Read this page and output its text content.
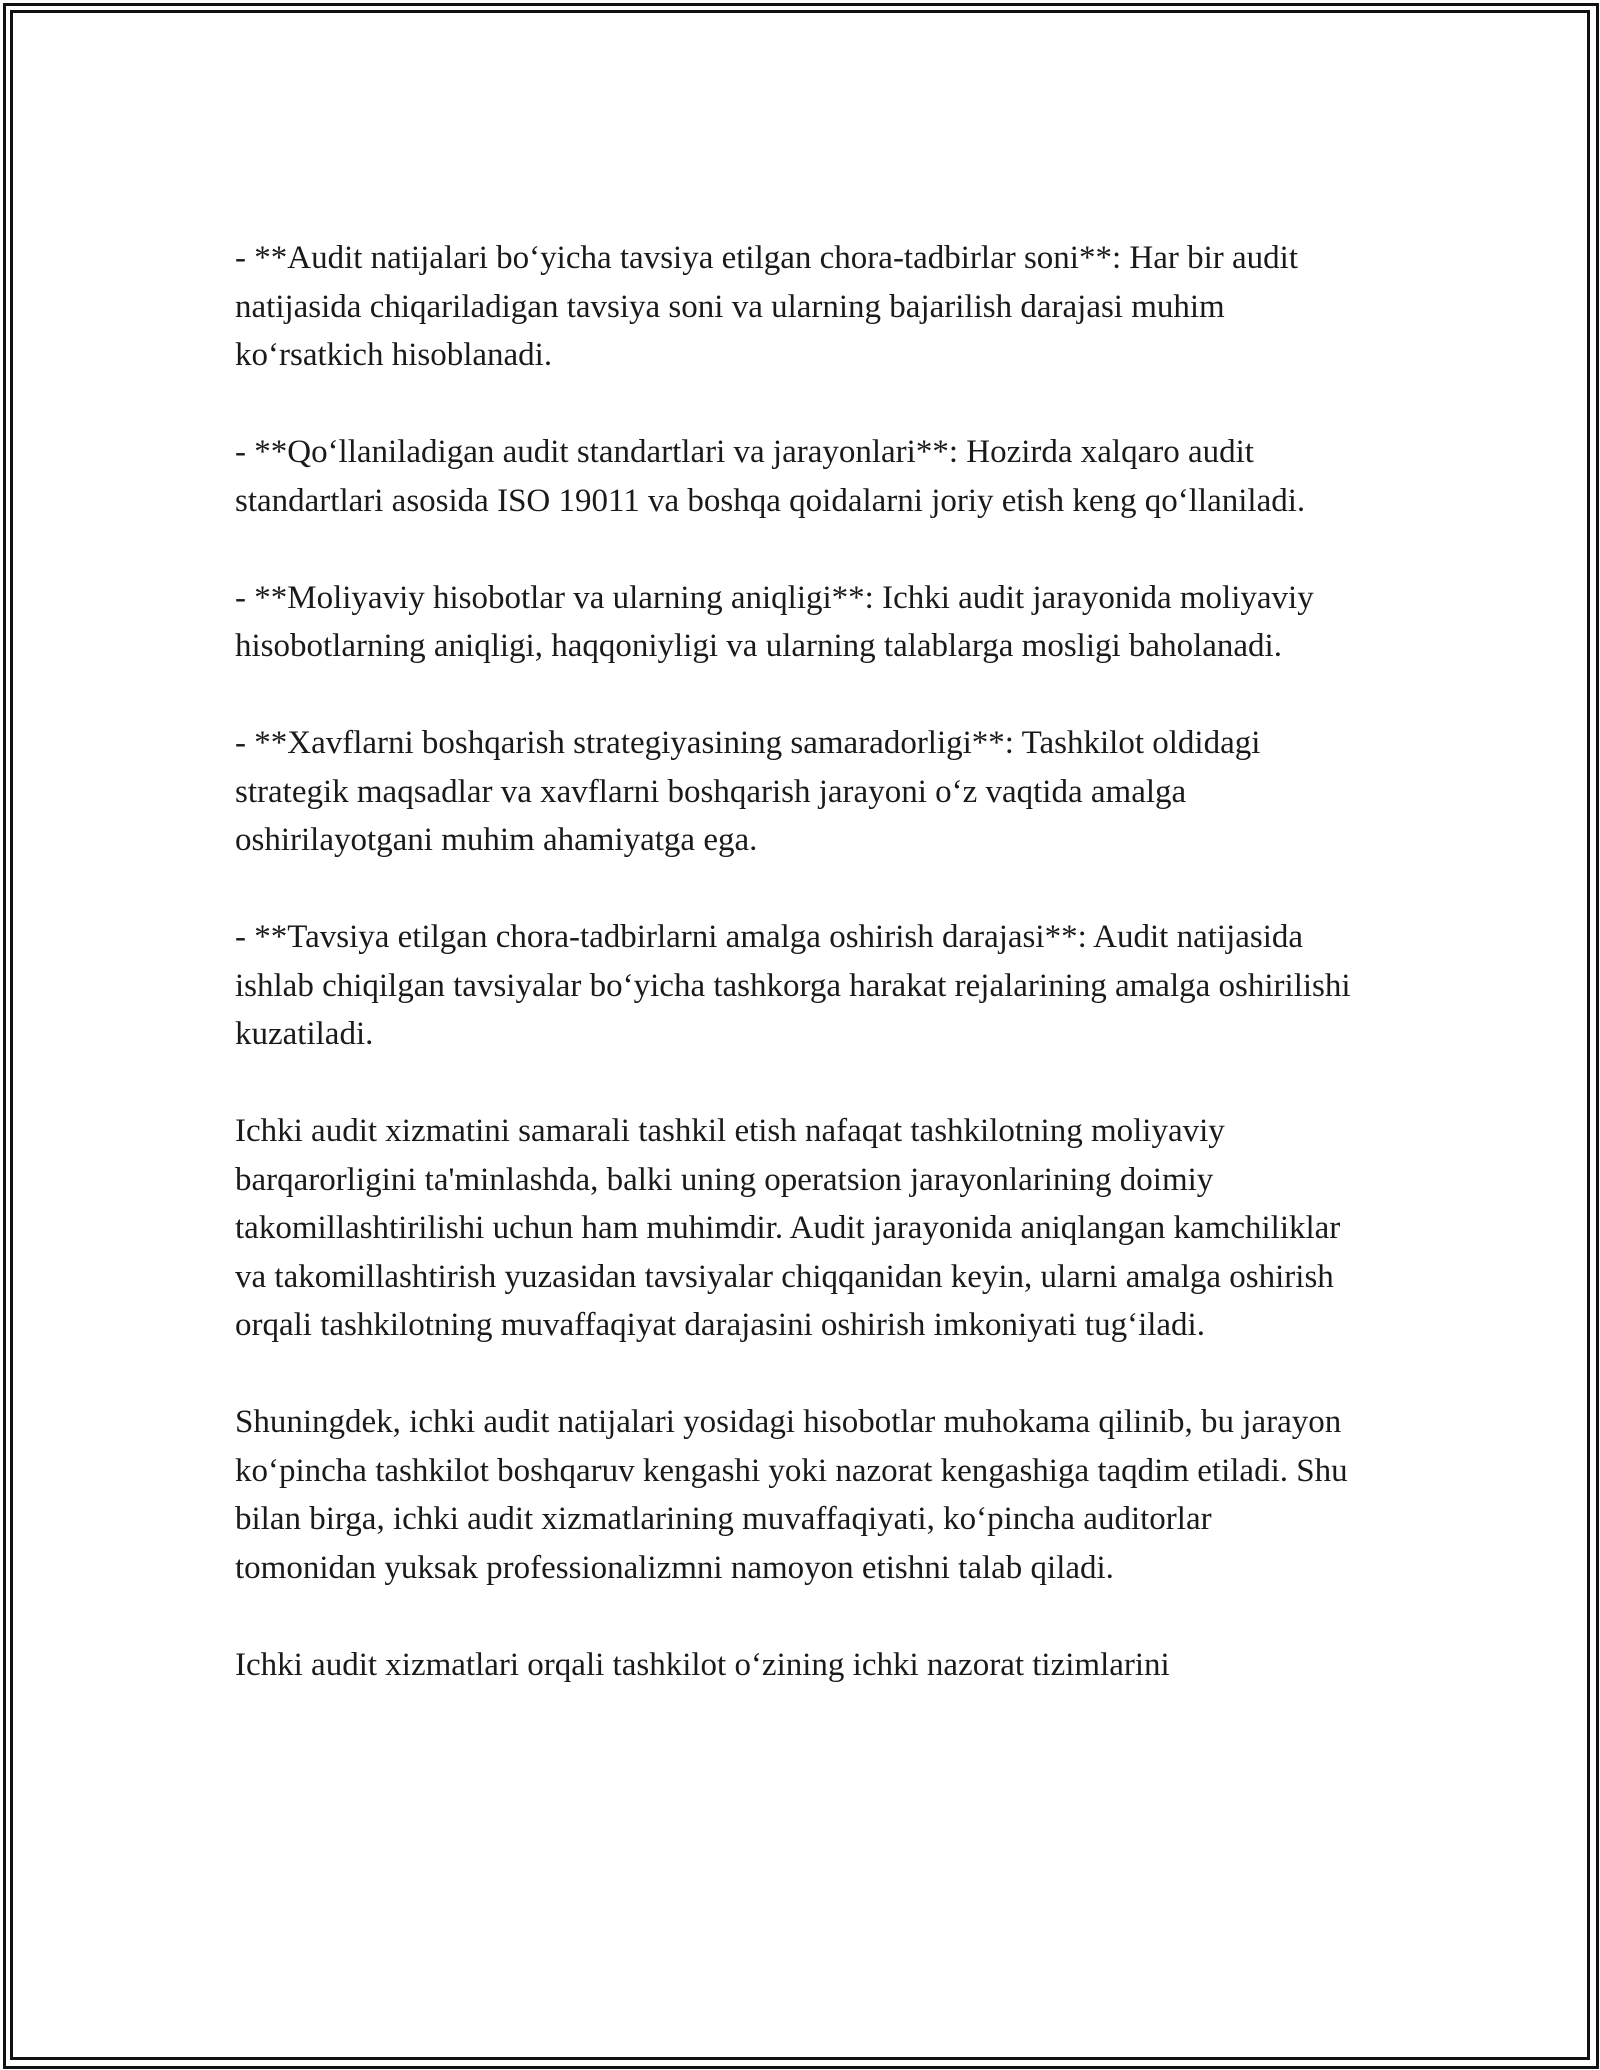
- **Audit natijalari bo‘yicha tavsiya etilgan chora-tadbirlar soni**: Har bir audit natijasida chiqariladigan tavsiya soni va ularning bajarilish darajasi muhim ko‘rsatkich hisoblanadi.

- **Qo‘llaniladigan audit standartlari va jarayonlari**: Hozirda xalqaro audit standartlari asosida ISO 19011 va boshqa qoidalarni joriy etish keng qo‘llaniladi.

- **Moliyaviy hisobotlar va ularning aniqligi**: Ichki audit jarayonida moliyaviy hisobotlarning aniqligi, haqqoniyligi va ularning talablarga mosligi baholanadi.

- **Xavflarni boshqarish strategiyasining samaradorligi**: Tashkilot oldidagi strategik maqsadlar va xavflarni boshqarish jarayoni o‘z vaqtida amalga oshirilayotgani muhim ahamiyatga ega.

- **Tavsiya etilgan chora-tadbirlarni amalga oshirish darajasi**: Audit natijasida ishlab chiqilgan tavsiyalar bo‘yicha tashkorga harakat rejalarining amalga oshirilishi kuzatiladi.

Ichki audit xizmatini samarali tashkil etish nafaqat tashkilotning moliyaviy barqarorligini ta'minlashda, balki uning operatsion jarayonlarining doimiy takomillashtirilishi uchun ham muhimdir. Audit jarayonida aniqlangan kamchiliklar va takomillashtirish yuzasidan tavsiyalar chiqqanidan keyin, ularni amalga oshirish orqali tashkilotning muvaffaqiyat darajasini oshirish imkoniyati tug‘iladi.

Shuningdek, ichki audit natijalari yosidagi hisobotlar muhokama qilinib, bu jarayon ko‘pincha tashkilot boshqaruv kengashi yoki nazorat kengashiga taqdim etiladi. Shu bilan birga, ichki audit xizmatlarining muvaffaqiyati, ko‘pincha auditorlar tomonidan yuksak professionalizmni namoyon etishni talab qiladi.

Ichki audit xizmatlari orqali tashkilot o‘zining ichki nazorat tizimlarini
